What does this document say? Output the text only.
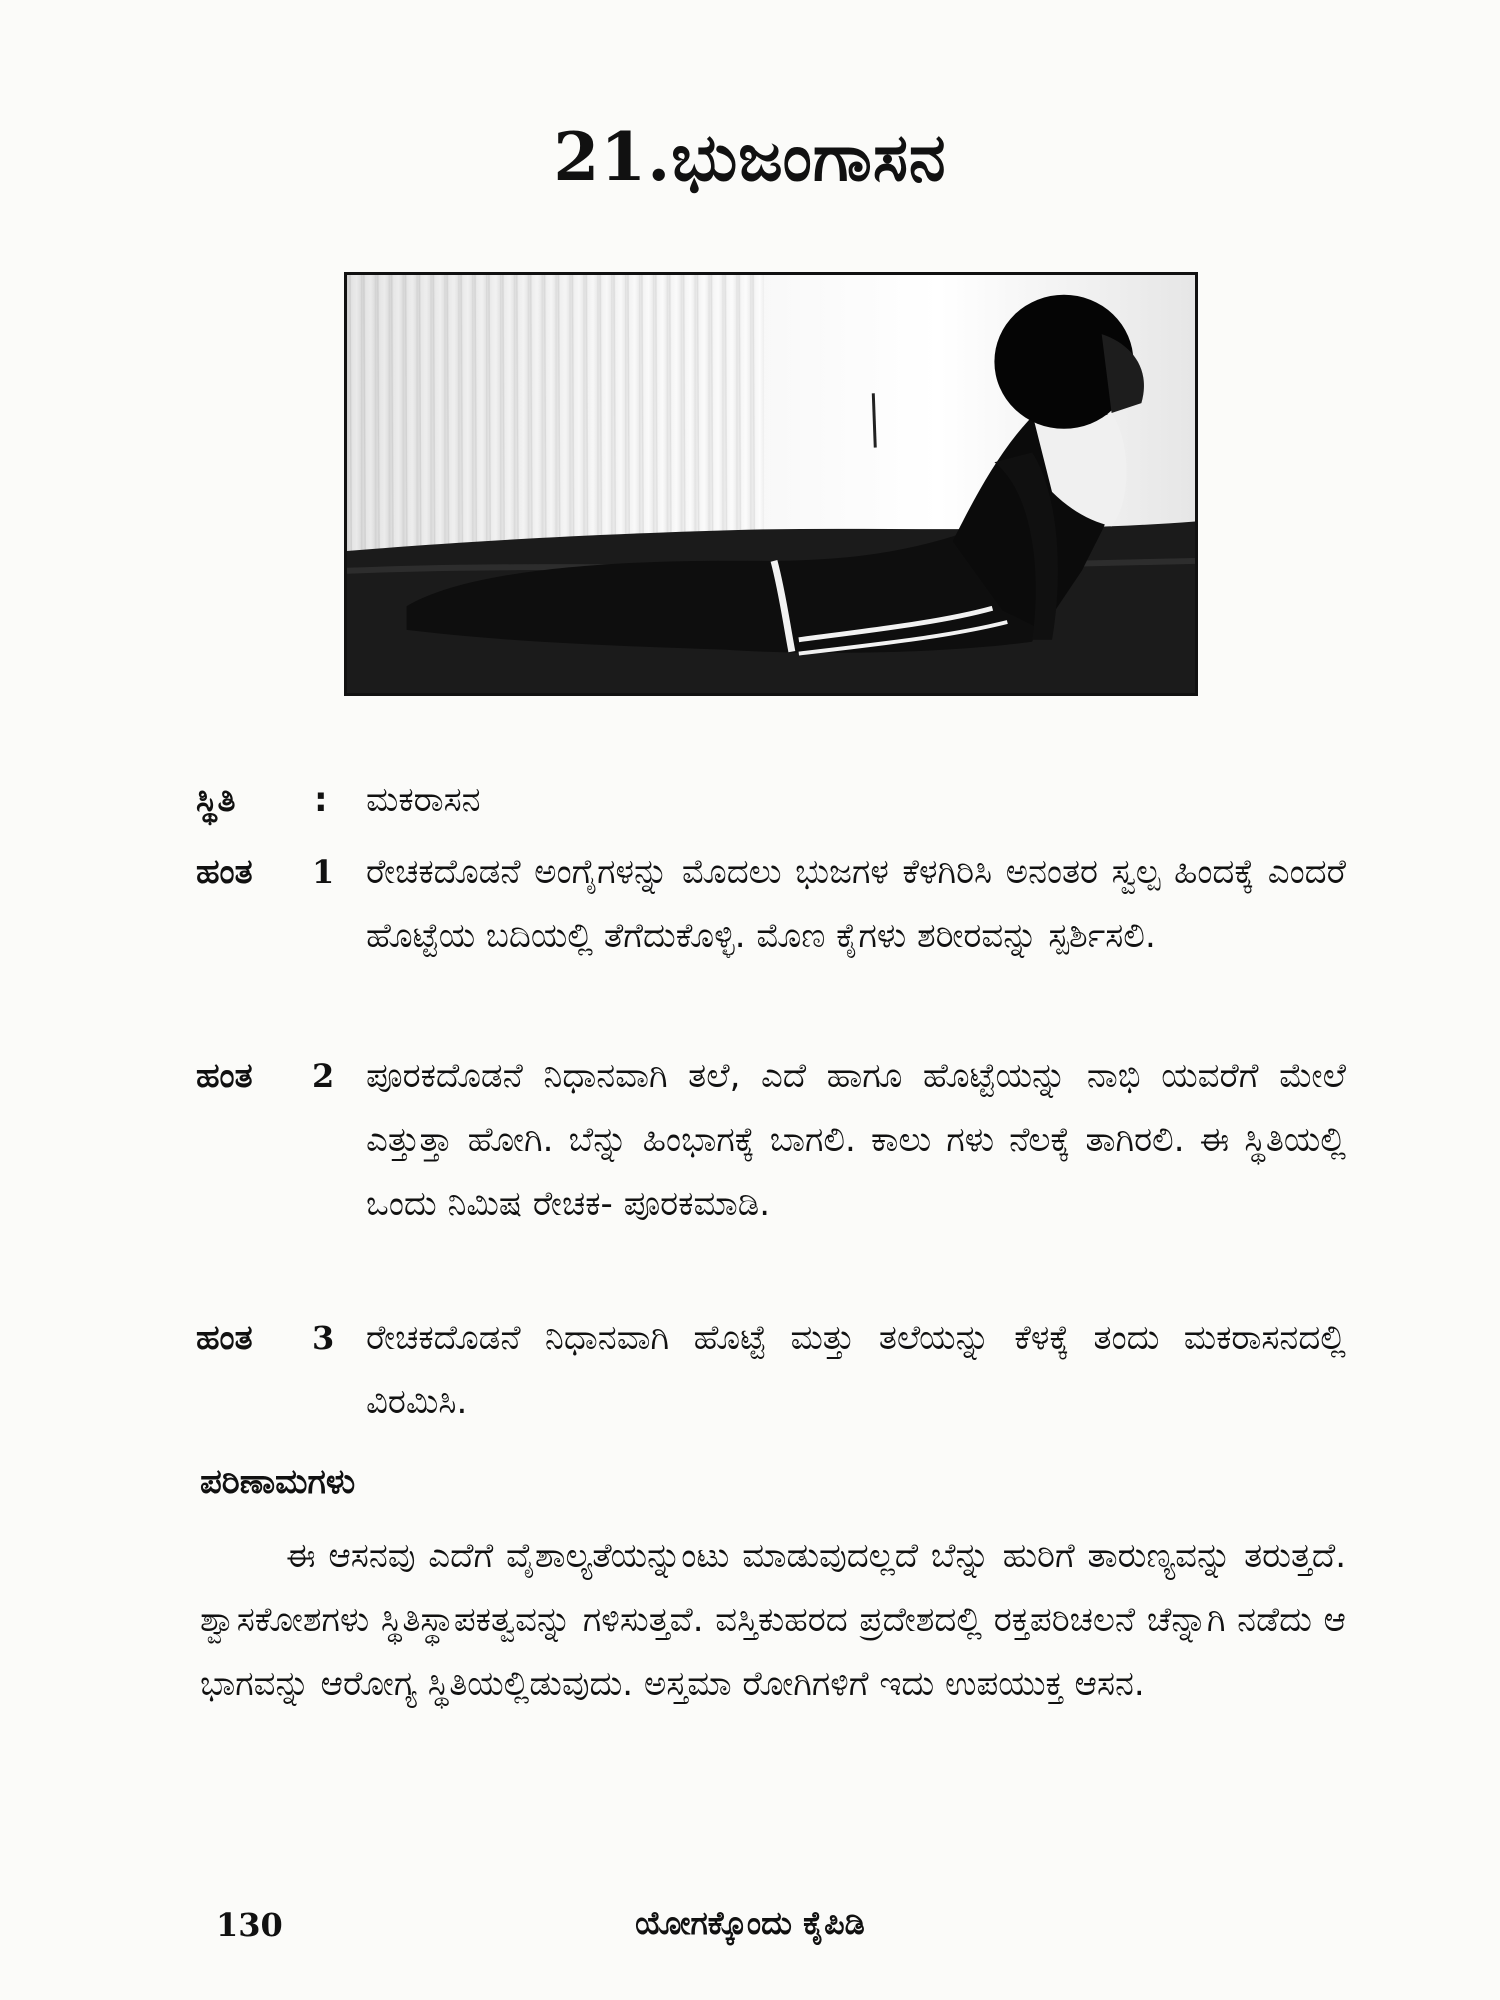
21.ಭುಜಂಗಾಸನ
ಸ್ಥಿತಿ : ಮಕರಾಸನ
ಹಂತ 1 ರೇಚಕದೊಡನೆ ಅಂಗೈಗಳನ್ನು ಮೊದಲು ಭುಜಗಳ ಕೆಳಗಿರಿಸಿ ಅನಂತರ ಸ್ವಲ್ಪ ಹಿಂದಕ್ಕೆ ಎಂದರೆ ಹೊಟ್ಟೆಯ ಬದಿಯಲ್ಲಿ ತೆಗೆದುಕೊಳ್ಳಿ. ಮೊಣ ಕೈಗಳು ಶರೀರವನ್ನು ಸ್ಪರ್ಶಿಸಲಿ.
ಹಂತ 2 ಪೂರಕದೊಡನೆ ನಿಧಾನವಾಗಿ ತಲೆ, ಎದೆ ಹಾಗೂ ಹೊಟ್ಟೆಯನ್ನು ನಾಭಿ ಯವರೆಗೆ ಮೇಲೆ ಎತ್ತುತ್ತಾ ಹೋಗಿ. ಬೆನ್ನು ಹಿಂಭಾಗಕ್ಕೆ ಬಾಗಲಿ. ಕಾಲು ಗಳು ನೆಲಕ್ಕೆ ತಾಗಿರಲಿ. ಈ ಸ್ಥಿತಿಯಲ್ಲಿ ಒಂದು ನಿಮಿಷ ರೇಚಕ- ಪೂರಕಮಾಡಿ.
ಹಂತ 3 ರೇಚಕದೊಡನೆ ನಿಧಾನವಾಗಿ ಹೊಟ್ಟೆ ಮತ್ತು ತಲೆಯನ್ನು ಕೆಳಕ್ಕೆ ತಂದು ಮಕರಾಸನದಲ್ಲಿ ವಿರಮಿಸಿ.
ಪರಿಣಾಮಗಳು

ಈ ಆಸನವು ಎದೆಗೆ ವೈಶಾಲ್ಯತೆಯನ್ನುಂಟು ಮಾಡುವುದಲ್ಲದೆ ಬೆನ್ನು ಹುರಿಗೆ ತಾರುಣ್ಯವನ್ನು ತರುತ್ತದೆ. ಶ್ವಾಸಕೋಶಗಳು ಸ್ಥಿತಿಸ್ಥಾಪಕತ್ವವನ್ನು ಗಳಿಸುತ್ತವೆ. ವಸ್ತಿಕುಹರದ ಪ್ರದೇಶದಲ್ಲಿ ರಕ್ತಪರಿಚಲನೆ ಚೆನ್ನಾಗಿ ನಡೆದು ಆ ಭಾಗವನ್ನು ಆರೋಗ್ಯ ಸ್ಥಿತಿಯಲ್ಲಿಡುವುದು. ಅಸ್ತಮಾ ರೋಗಿಗಳಿಗೆ ಇದು ಉಪಯುಕ್ತ ಆಸನ.

130	ಯೋಗಕ್ಕೊಂದು ಕೈಪಿಡಿ
